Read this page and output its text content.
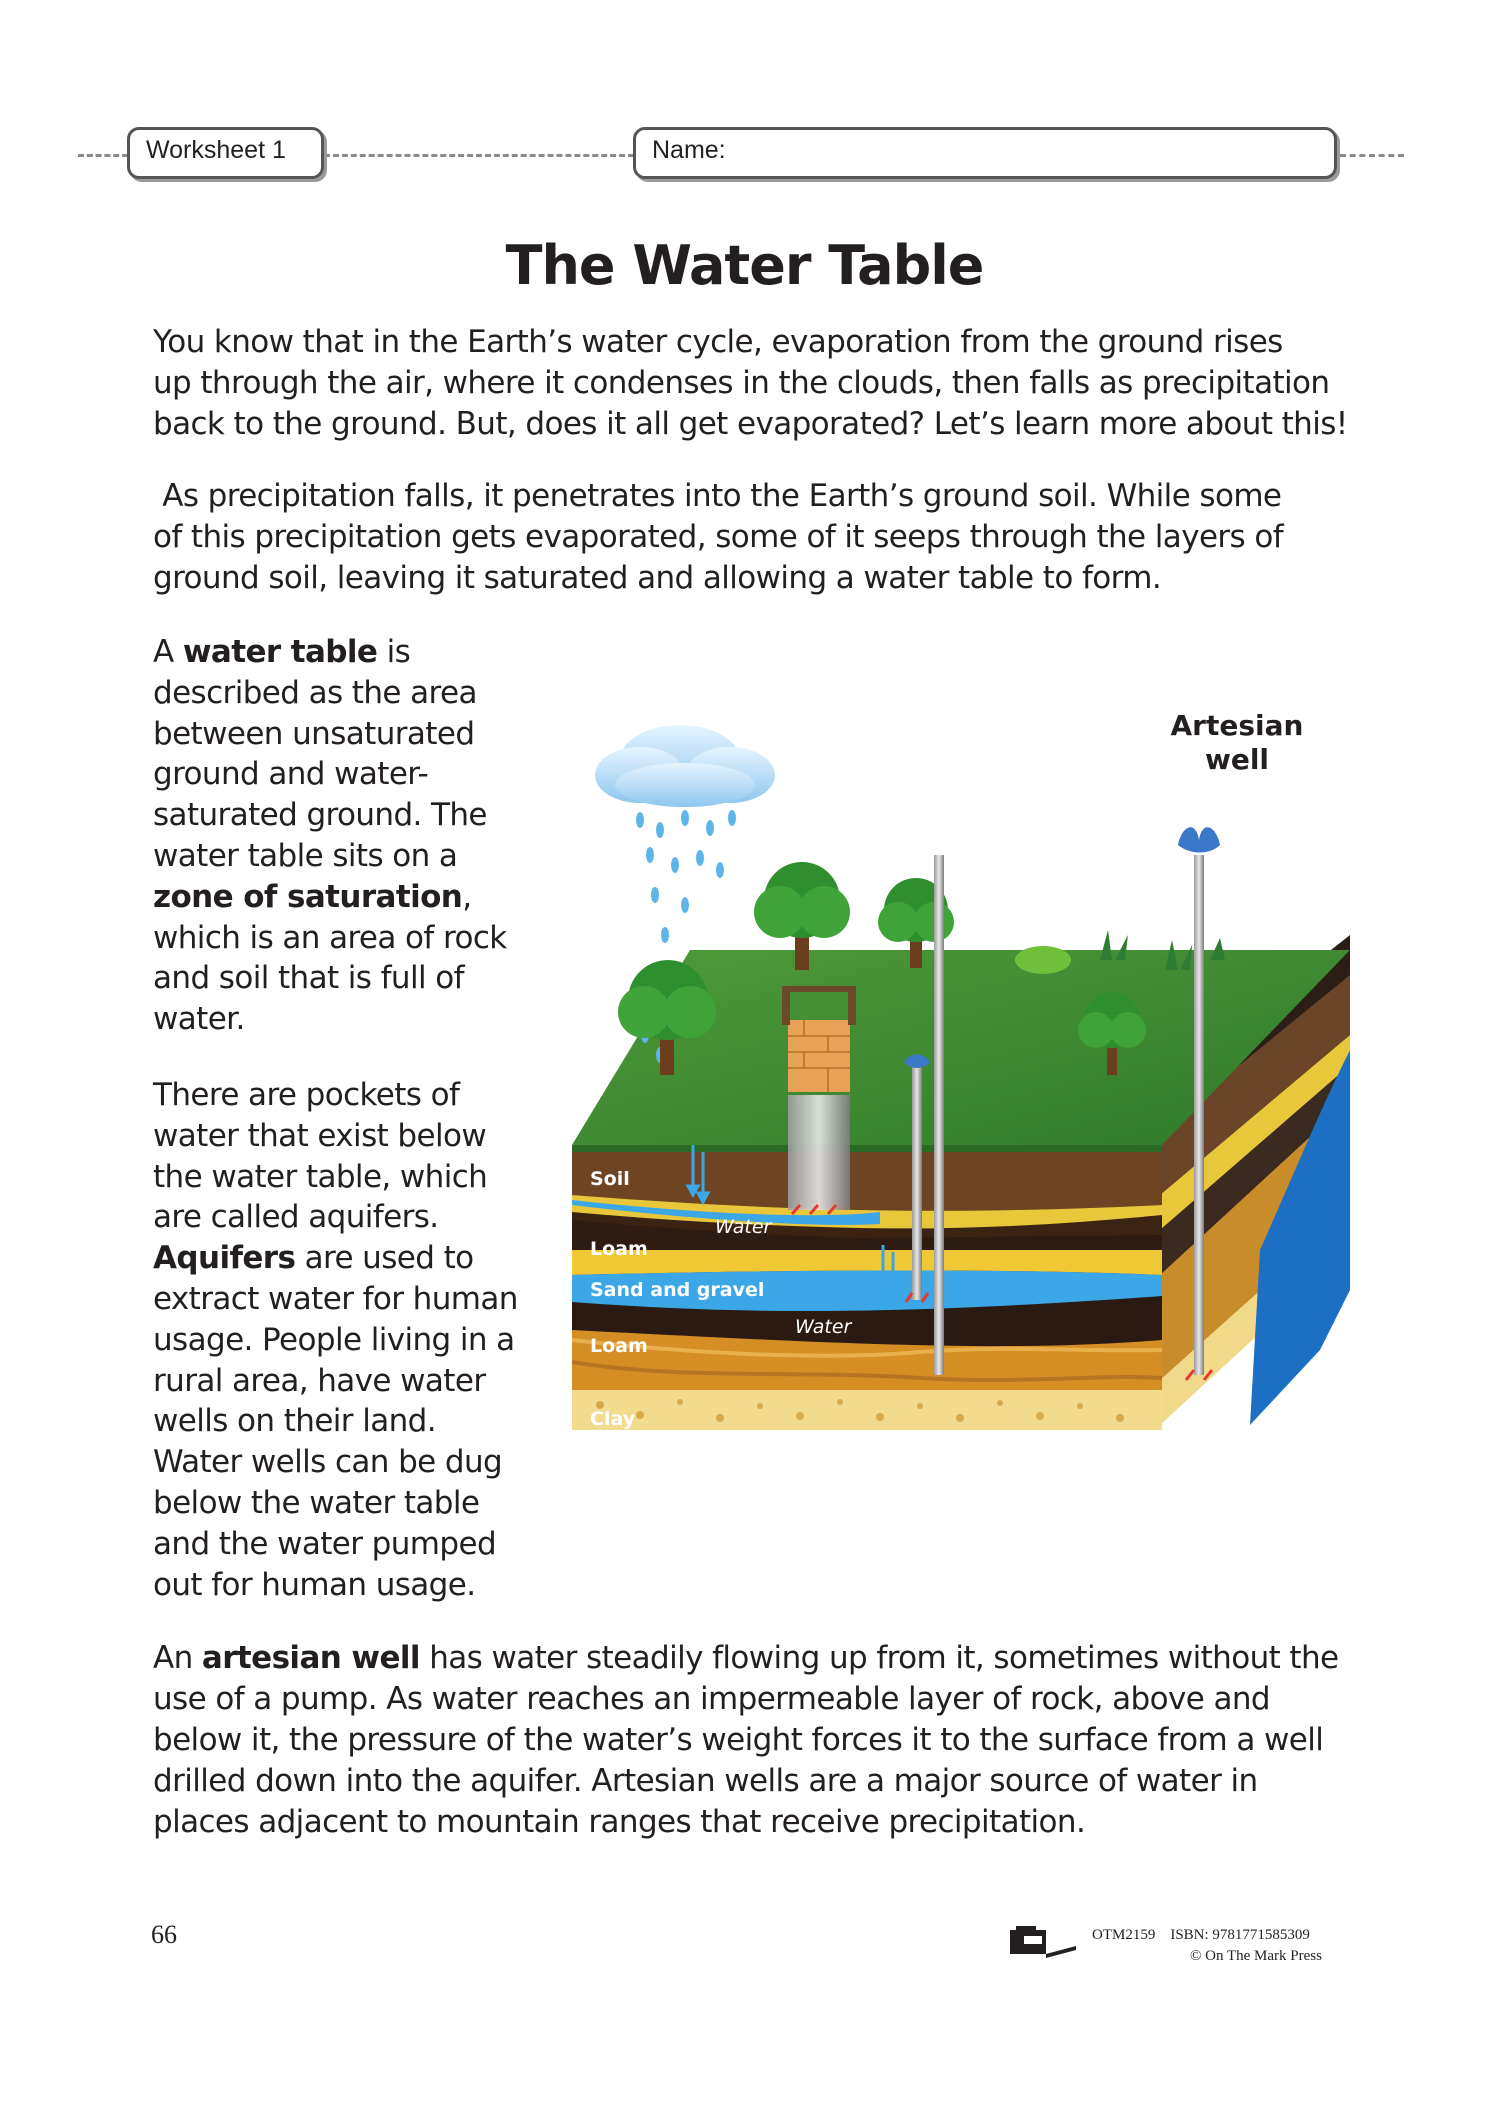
Worksheet 1	Name:
The Water Table

You know that in the Earth’s water cycle, evaporation from the ground rises

up through the air, where it condenses in the clouds, then falls as precipitation

back to the ground. But, does it all get evaporated? Let’s learn more about this!

As precipitation falls, it penetrates into the Earth’s ground soil. While some

of this precipitation gets evaporated, some of it seeps through the layers of

ground soil, leaving it saturated and allowing a water table to form.

A water table is described as the area between unsaturated ground and water-saturated ground. The water table sits on a zone of saturation, which is an area of rock and soil that is full of water.

There are pockets of water that exist below the water table, which are called aquifers. Aquifers are used to extract water for human usage. People living in a rural area, have water wells on their land. Water wells can be dug below the water table and the water pumped out for human usage.

Soil
Loam
Sand and gravel
Loam
Clay
Water
Water
Water
Artesian
well

An artesian well has water steadily flowing up from it, sometimes without the

use of a pump. As water reaches an impermeable layer of rock, above and

below it, the pressure of the water’s weight forces it to the surface from a well

drilled down into the aquifer. Artesian wells are a major source of water in

places adjacent to mountain ranges that receive precipitation.

66	OTM2159 ISBN: 9781771585309
© On The Mark Press
